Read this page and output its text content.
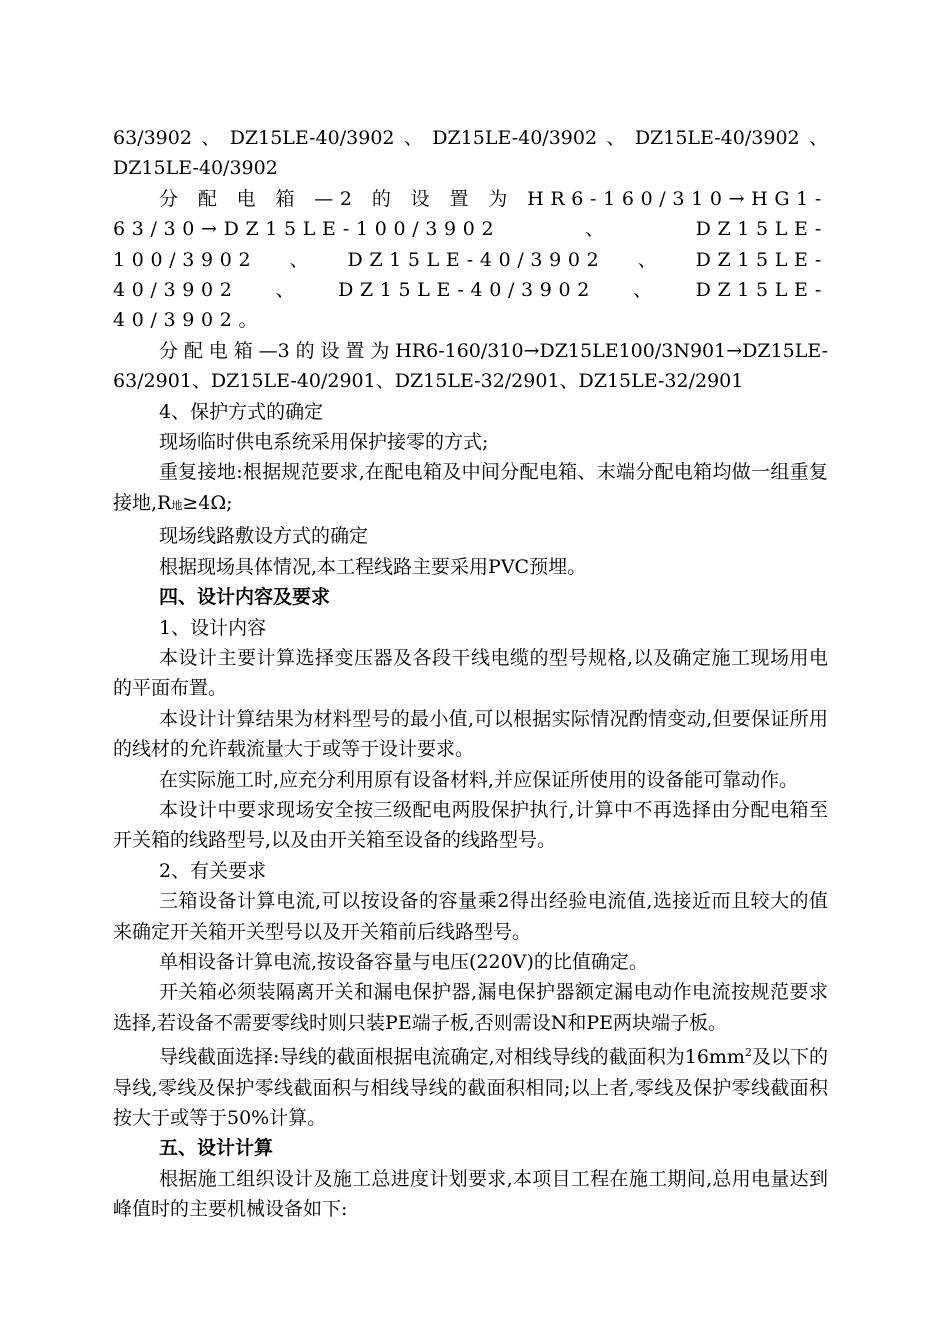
63/3902、DZ15LE-40/3902、DZ15LE-40/3902、DZ15LE-40/3902、DZ15LE-40/3902

分配电箱—2的设置为HR6-160/310→HG1-63/30→DZ15LE-100/3902、DZ15LE-100/3902、DZ15LE-40/3902、DZ15LE-40/3902、DZ15LE-40/3902、DZ15LE-40/3902。

分配电箱—3的设置为HR6-160/310→DZ15LE100/3N901→DZ15LE-63/2901、DZ15LE-40/2901、DZ15LE-32/2901、DZ15LE-32/2901

4、保护方式的确定

现场临时供电系统采用保护接零的方式;

重复接地:根据规范要求,在配电箱及中间分配电箱、末端分配电箱均做一组重复接地,R地≥4Ω;

现场线路敷设方式的确定

根据现场具体情况,本工程线路主要采用PVC预埋。

四、设计内容及要求

1、设计内容

本设计主要计算选择变压器及各段干线电缆的型号规格,以及确定施工现场用电的平面布置。

本设计计算结果为材料型号的最小值,可以根据实际情况酌情变动,但要保证所用的线材的允许载流量大于或等于设计要求。

在实际施工时,应充分利用原有设备材料,并应保证所使用的设备能可靠动作。

本设计中要求现场安全按三级配电两股保护执行,计算中不再选择由分配电箱至开关箱的线路型号,以及由开关箱至设备的线路型号。

2、有关要求

三箱设备计算电流,可以按设备的容量乘2得出经验电流值,选接近而且较大的值来确定开关箱开关型号以及开关箱前后线路型号。

单相设备计算电流,按设备容量与电压(220V)的比值确定。

开关箱必须装隔离开关和漏电保护器,漏电保护器额定漏电动作电流按规范要求选择,若设备不需要零线时则只装PE端子板,否则需设N和PE两块端子板。

导线截面选择:导线的截面根据电流确定,对相线导线的截面积为$16mm^2$及以下的导线,零线及保护零线截面积与相线导线的截面积相同;以上者,零线及保护零线截面积按大于或等于50%计算。

五、设计计算

根据施工组织设计及施工总进度计划要求,本项目工程在施工期间,总用电量达到峰值时的主要机械设备如下:
